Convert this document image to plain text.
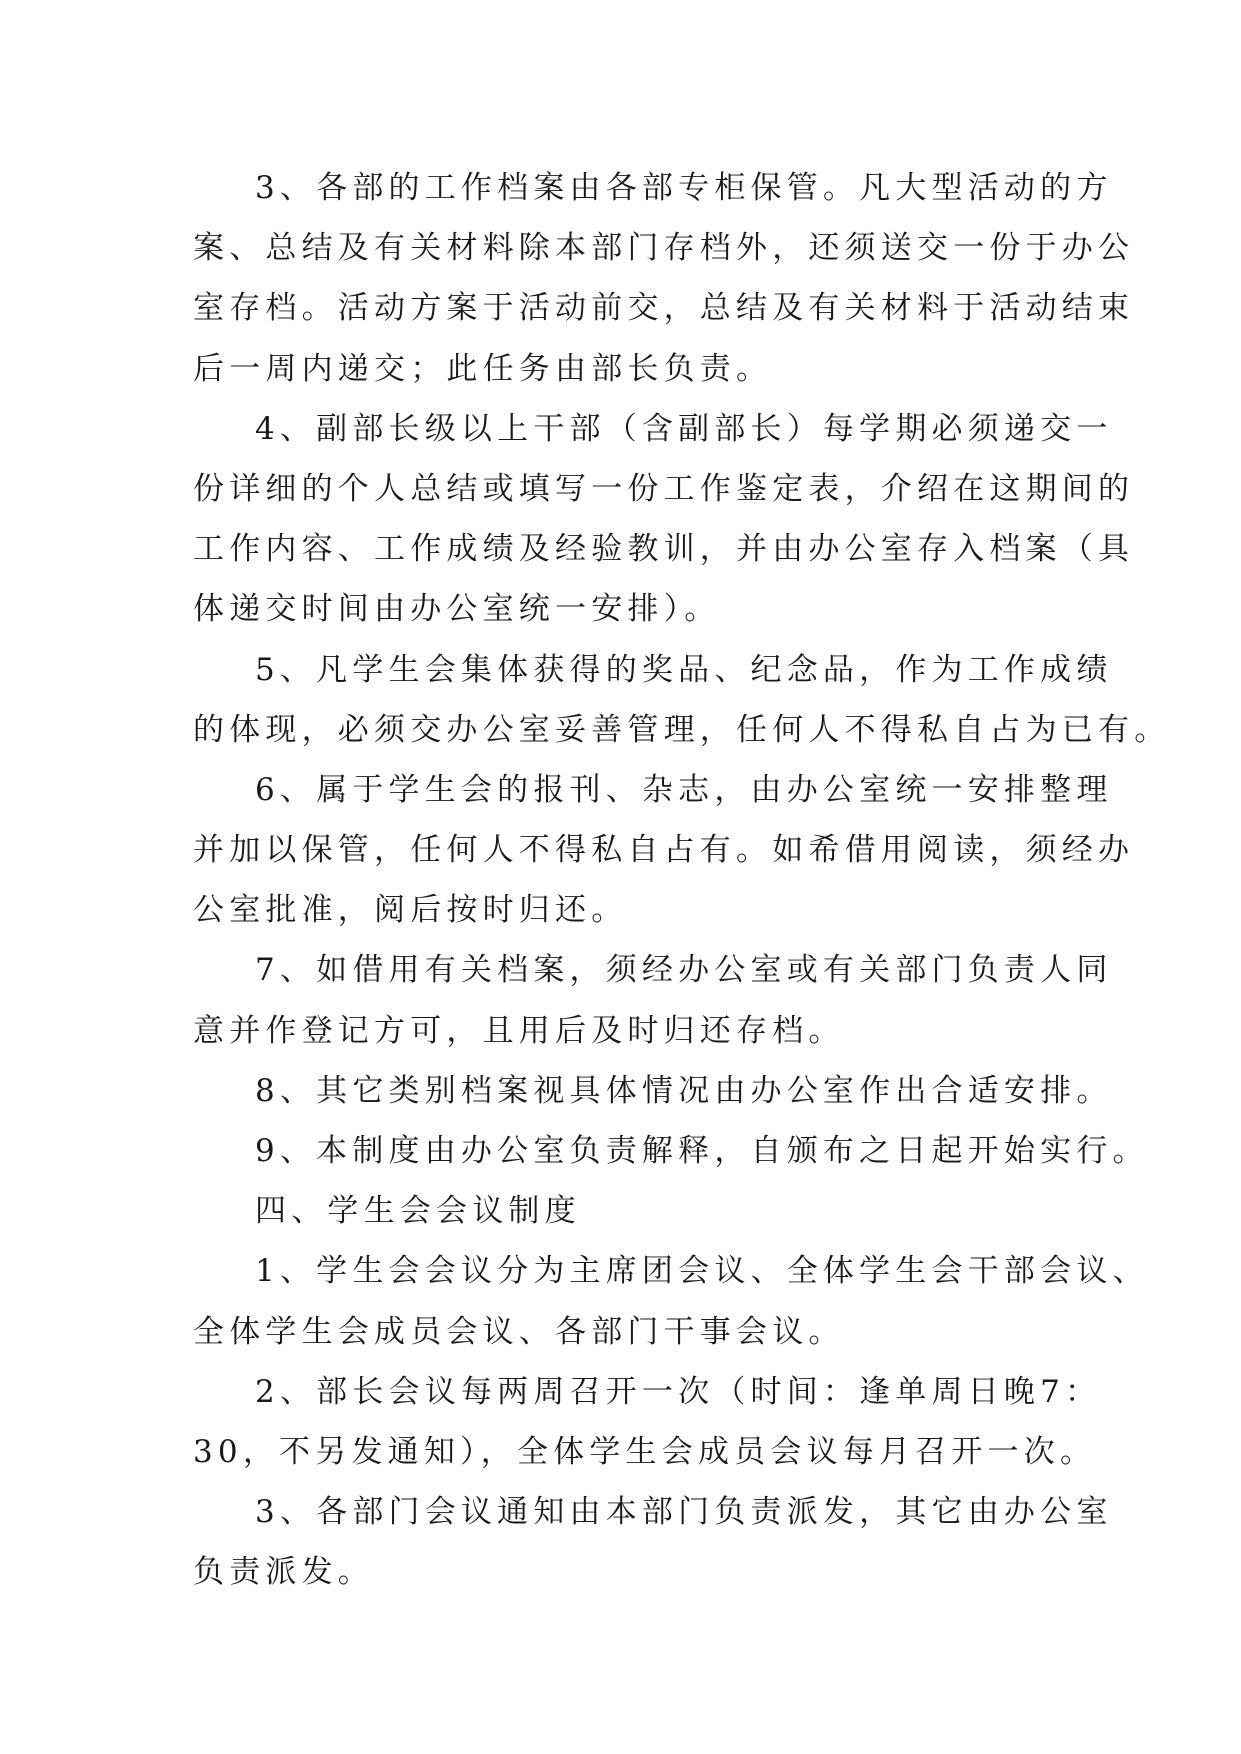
3、各部的工作档案由各部专柜保管。凡大型活动的方
案、总结及有关材料除本部门存档外，还须送交一份于办公
室存档。活动方案于活动前交，总结及有关材料于活动结束
后一周内递交；此任务由部长负责。
4、副部长级以上干部（含副部长）每学期必须递交一
份详细的个人总结或填写一份工作鉴定表，介绍在这期间的
工作内容、工作成绩及经验教训，并由办公室存入档案（具
体递交时间由办公室统一安排）。
5、凡学生会集体获得的奖品、纪念品，作为工作成绩
的体现，必须交办公室妥善管理，任何人不得私自占为已有。
6、属于学生会的报刊、杂志，由办公室统一安排整理
并加以保管，任何人不得私自占有。如希借用阅读，须经办
公室批准，阅后按时归还。
7、如借用有关档案，须经办公室或有关部门负责人同
意并作登记方可，且用后及时归还存档。
8、其它类别档案视具体情况由办公室作出合适安排。
9、本制度由办公室负责解释，自颁布之日起开始实行。
四、学生会会议制度
1、学生会会议分为主席团会议、全体学生会干部会议、
全体学生会成员会议、各部门干事会议。
2、部长会议每两周召开一次（时间：逢单周日晚7：
30，不另发通知），全体学生会成员会议每月召开一次。
3、各部门会议通知由本部门负责派发，其它由办公室
负责派发。
